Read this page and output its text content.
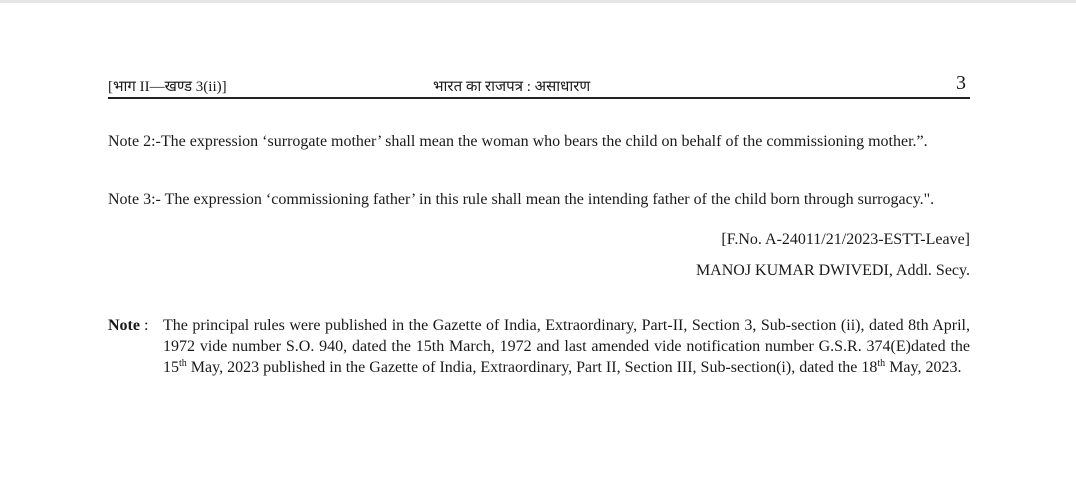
[भाग II—खण्ड 3(ii)]	भारत का राजपत्र : असाधारण	3

Note 2:-The expression ‘surrogate mother’ shall mean the woman who bears the child on behalf of the commissioning mother.”.

Note 3:- The expression ‘commissioning father’ in this rule shall mean the intending father of the child born through surrogacy.".

[F.No. A-24011/21/2023-ESTT-Leave]
MANOJ KUMAR DWIVEDI, Addl. Secy.
Note : The principal rules were published in the Gazette of India, Extraordinary, Part-II, Section 3, Sub-section (ii), dated 8th April, 1972 vide number S.O. 940, dated the 15th March, 1972 and last amended vide notification number G.S.R. 374(E)dated the 15th May, 2023 published in the Gazette of India, Extraordinary, Part II, Section III, Sub-section(i), dated the 18th May, 2023.
